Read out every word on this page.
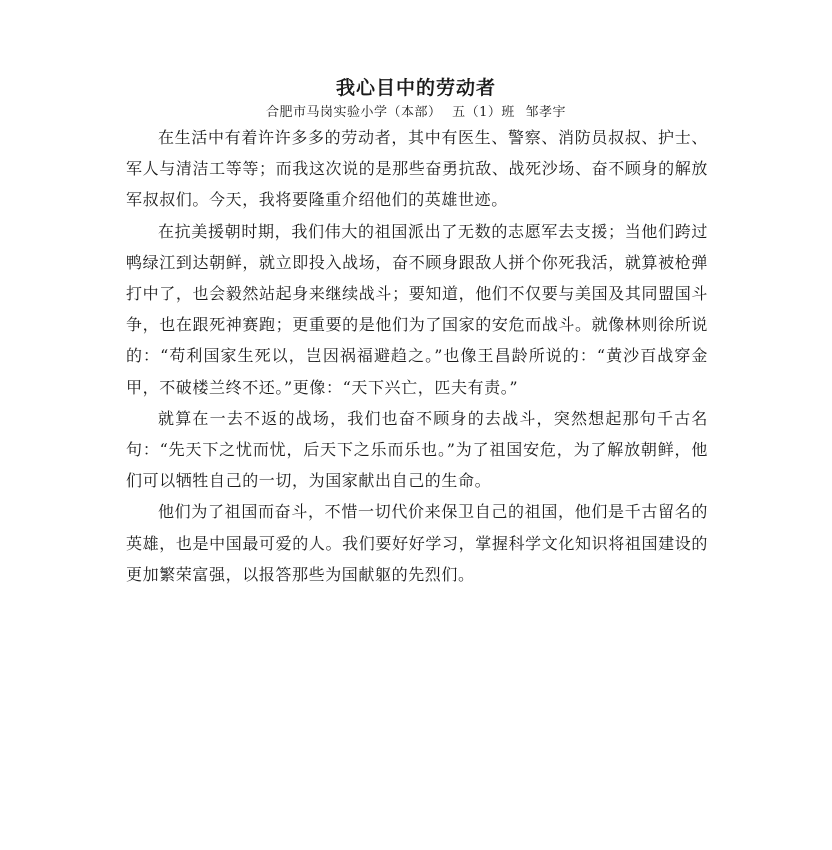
我心目中的劳动者
合肥市马岗实验小学（本部） 五（1）班 邹孝宇

在生活中有着许许多多的劳动者，其中有医生、警察、消防员叔叔、护士、军人与清洁工等等；而我这次说的是那些奋勇抗敌、战死沙场、奋不顾身的解放军叔叔们。今天，我将要隆重介绍他们的英雄世迹。

在抗美援朝时期，我们伟大的祖国派出了无数的志愿军去支援；当他们跨过鸭绿江到达朝鲜，就立即投入战场，奋不顾身跟敌人拼个你死我活，就算被枪弹打中了，也会毅然站起身来继续战斗；要知道，他们不仅要与美国及其同盟国斗争，也在跟死神赛跑；更重要的是他们为了国家的安危而战斗。就像林则徐所说的：“苟利国家生死以，岂因祸福避趋之。”也像王昌龄所说的：“黄沙百战穿金甲，不破楼兰终不还。”更像：“天下兴亡，匹夫有责。”

就算在一去不返的战场，我们也奋不顾身的去战斗，突然想起那句千古名句：“先天下之忧而忧，后天下之乐而乐也。”为了祖国安危，为了解放朝鲜，他们可以牺牲自己的一切，为国家献出自己的生命。

他们为了祖国而奋斗，不惜一切代价来保卫自己的祖国，他们是千古留名的英雄，也是中国最可爱的人。我们要好好学习，掌握科学文化知识将祖国建设的更加繁荣富强，以报答那些为国献躯的先烈们。
